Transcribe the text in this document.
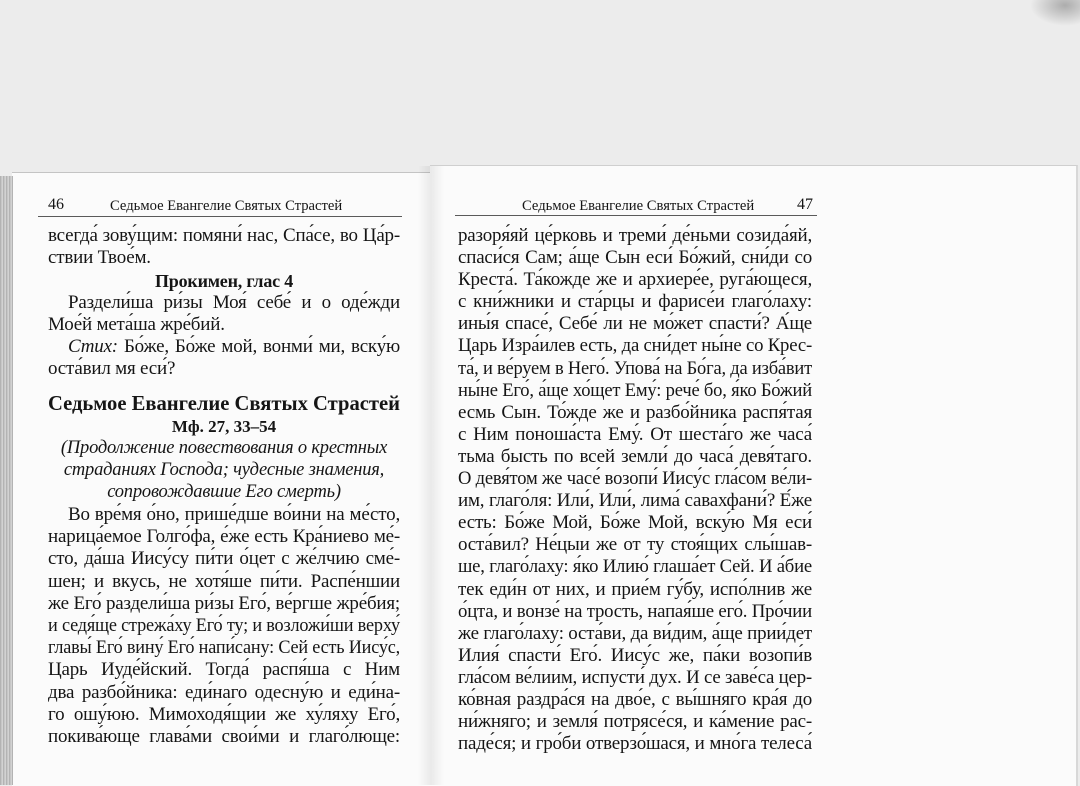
46	Седьмое Евангелие Святых Страстей	Седьмое Евангелие Святых Страстей	47
всегда́ зову́щим: помяни́ нас, Спа́се, во Ца́р-
ствии Твое́м.
Прокимен, глас 4
Раздели́ша ри́зы Моя́ себе́ и о оде́жди
Мое́й мета́ша жре́бий.
Стих: Бо́же, Бо́же мой, вонми́ ми, вску́ю
оста́вил мя еси́?
Седьмое Евангелие Святых Страстей
Мф. 27, 33–54
(Продолжение повествования о крестных
страданиях Господа; чудесные знамения,
сопровождавшие Его смерть)
Во вре́мя о́но, прише́дше во́ини на ме́сто,
нарица́емое Голго́фа, е́же есть Кра́ниево ме́-
сто, да́ша Иису́су пи́ти о́цет с же́лчию сме́-
шен; и вкусь, не хотя́ше пи́ти. Распе́ншии
же Его́ раздели́ша ри́зы Его́, ве́ргше жре́бия;
и седя́ще стрежа́ху Его́ ту; и возложи́ши верху́
главы́ Его́ вину́ Его́ напи́сану: Сей есть Иису́с,
Царь Иуде́йский. Тогда́ распя́ша с Ним
два разбо́йника: еди́наго одесну́ю и еди́на-
го ошу́юю. Мимоходя́щии же ху́ляху Его́,
покива́юще глава́ми свои́ми и глаго́люще:
разоря́яй це́рковь и треми́ де́ньми созида́яй,
спаси́ся Сам; а́ще Сын еси́ Бо́жий, сни́ди со
Креста́. Та́кожде же и архиере́е, руга́ющеся,
с кни́жники и ста́рцы и фарисе́и глаго́лаху:
ины́я спасе́, Себе́ ли не мо́жет спасти́? А́ще
Царь Изра́илев есть, да сни́дет ны́не со Крес-
та́, и ве́руем в Него́. Упова́ на Бо́га, да изба́вит
ны́не Его́, а́ще хо́щет Ему́: рече́ бо, я́ко Бо́жий
есмь Сын. То́жде же и разбо́йника распя́тая
с Ним поноша́ста Ему́. От шеста́го же часа́
тьма бысть по всей земли́ до часа́ девя́таго.
О девя́том же часе́ возопи́ Иису́с гла́сом ве́ли-
им, глаго́ля: Или́, Или́, лима́ савахфани́? Е́же
есть: Бо́же Мой, Бо́же Мой, вску́ю Мя еси́
оста́вил? Не́цыи же от ту стоя́щих слы́шав-
ше, глаго́лаху: я́ко Илию́ глаша́ет Сей. И а́бие
тек еди́н от них, и прие́м гу́бу, испо́лнив же
о́цта, и вонзе́ на трость, напая́ше его́. Про́чии
же глаго́лаху: оста́ви, да ви́дим, а́ще прии́дет
Илия́ спасти́ Его́. Иису́с же, па́ки возопи́в
гла́сом ве́лиим, испусти́ дух. И се заве́са цер-
ко́вная раздра́ся на дво́е, с вы́шняго кра́я до
ни́жняго; и земля́ потрясе́ся, и ка́мение рас-
паде́ся; и гро́би отверзо́шася, и мно́га телеса́
